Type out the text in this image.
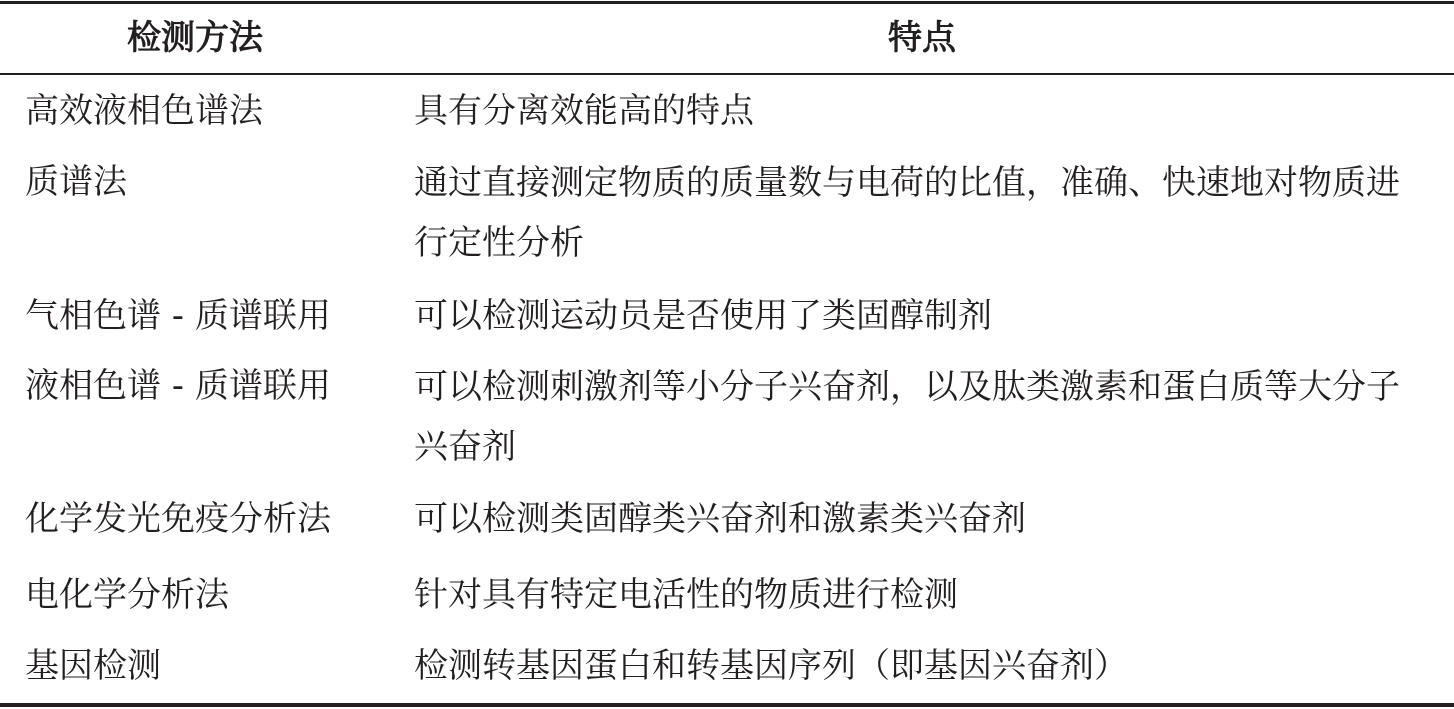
检测方法	特点
高效液相色谱法	具有分离效能高的特点
质谱法	通过直接测定物质的质量数与电荷的比值，准确、快速地对物质进行定性分析
气相色谱 - 质谱联用	可以检测运动员是否使用了类固醇制剂
液相色谱 - 质谱联用	可以检测刺激剂等小分子兴奋剂，以及肽类激素和蛋白质等大分子兴奋剂
化学发光免疫分析法	可以检测类固醇类兴奋剂和激素类兴奋剂
电化学分析法	针对具有特定电活性的物质进行检测
基因检测	检测转基因蛋白和转基因序列（即基因兴奋剂）
